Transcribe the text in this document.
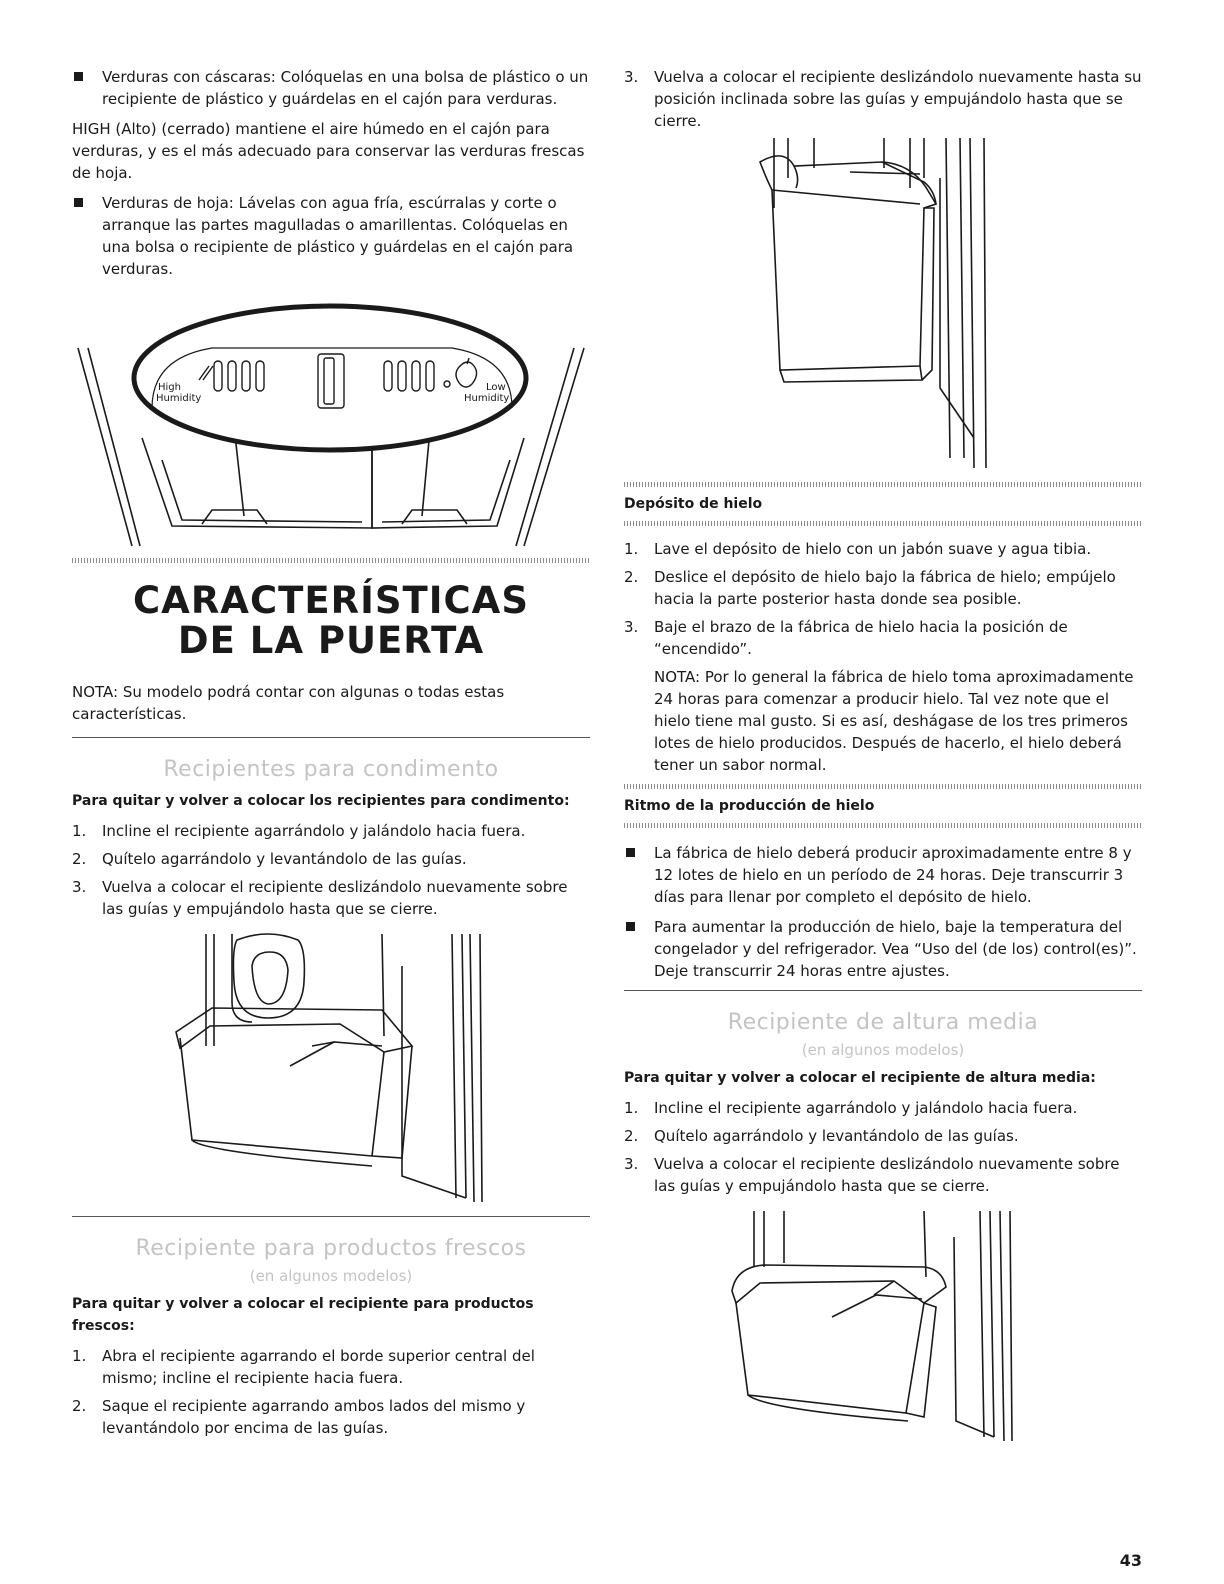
Verduras con cáscaras: Colóquelas en una bolsa de plástico o un recipiente de plástico y guárdelas en el cajón para verduras.

HIGH (Alto) (cerrado) mantiene el aire húmedo en el cajón para verduras, y es el más adecuado para conservar las verduras frescas de hoja.

Verduras de hoja: Lávelas con agua fría, escúrralas y corte o arranque las partes magulladas o amarillentas. Colóquelas en una bolsa o recipiente de plástico y guárdelas en el cajón para verduras.
High
Humidity
Low
Humidity
CARACTERÍSTICAS
DE LA PUERTA

NOTA: Su modelo podrá contar con algunas o todas estas características.

Recipientes para condimento
Para quitar y volver a colocar los recipientes para condimento:
1. Incline el recipiente agarrándolo y jalándolo hacia fuera.
2. Quítelo agarrándolo y levantándolo de las guías.
3. Vuelva a colocar el recipiente deslizándolo nuevamente sobre las guías y empujándolo hasta que se cierre.
Recipiente para productos frescos
(en algunos modelos)
Para quitar y volver a colocar el recipiente para productos frescos:
1. Abra el recipiente agarrando el borde superior central del mismo; incline el recipiente hacia fuera.
2. Saque el recipiente agarrando ambos lados del mismo y levantándolo por encima de las guías.
3. Vuelva a colocar el recipiente deslizándolo nuevamente hasta su posición inclinada sobre las guías y empujándolo hasta que se cierre.
Depósito de hielo
1. Lave el depósito de hielo con un jabón suave y agua tibia.
2. Deslice el depósito de hielo bajo la fábrica de hielo; empújelo hacia la parte posterior hasta donde sea posible.
3. Baje el brazo de la fábrica de hielo hacia la posición de “encendido”.

NOTA: Por lo general la fábrica de hielo toma aproximadamente 24 horas para comenzar a producir hielo. Tal vez note que el hielo tiene mal gusto. Si es así, deshágase de los tres primeros lotes de hielo producidos. Después de hacerlo, el hielo deberá tener un sabor normal.

Ritmo de la producción de hielo
La fábrica de hielo deberá producir aproximadamente entre 8 y 12 lotes de hielo en un período de 24 horas. Deje transcurrir 3 días para llenar por completo el depósito de hielo.
Para aumentar la producción de hielo, baje la temperatura del congelador y del refrigerador. Vea “Uso del (de los) control(es)”. Deje transcurrir 24 horas entre ajustes.
Recipiente de altura media
(en algunos modelos)
Para quitar y volver a colocar el recipiente de altura media:
1. Incline el recipiente agarrándolo y jalándolo hacia fuera.
2. Quítelo agarrándolo y levantándolo de las guías.
3. Vuelva a colocar el recipiente deslizándolo nuevamente sobre las guías y empujándolo hasta que se cierre.
43
